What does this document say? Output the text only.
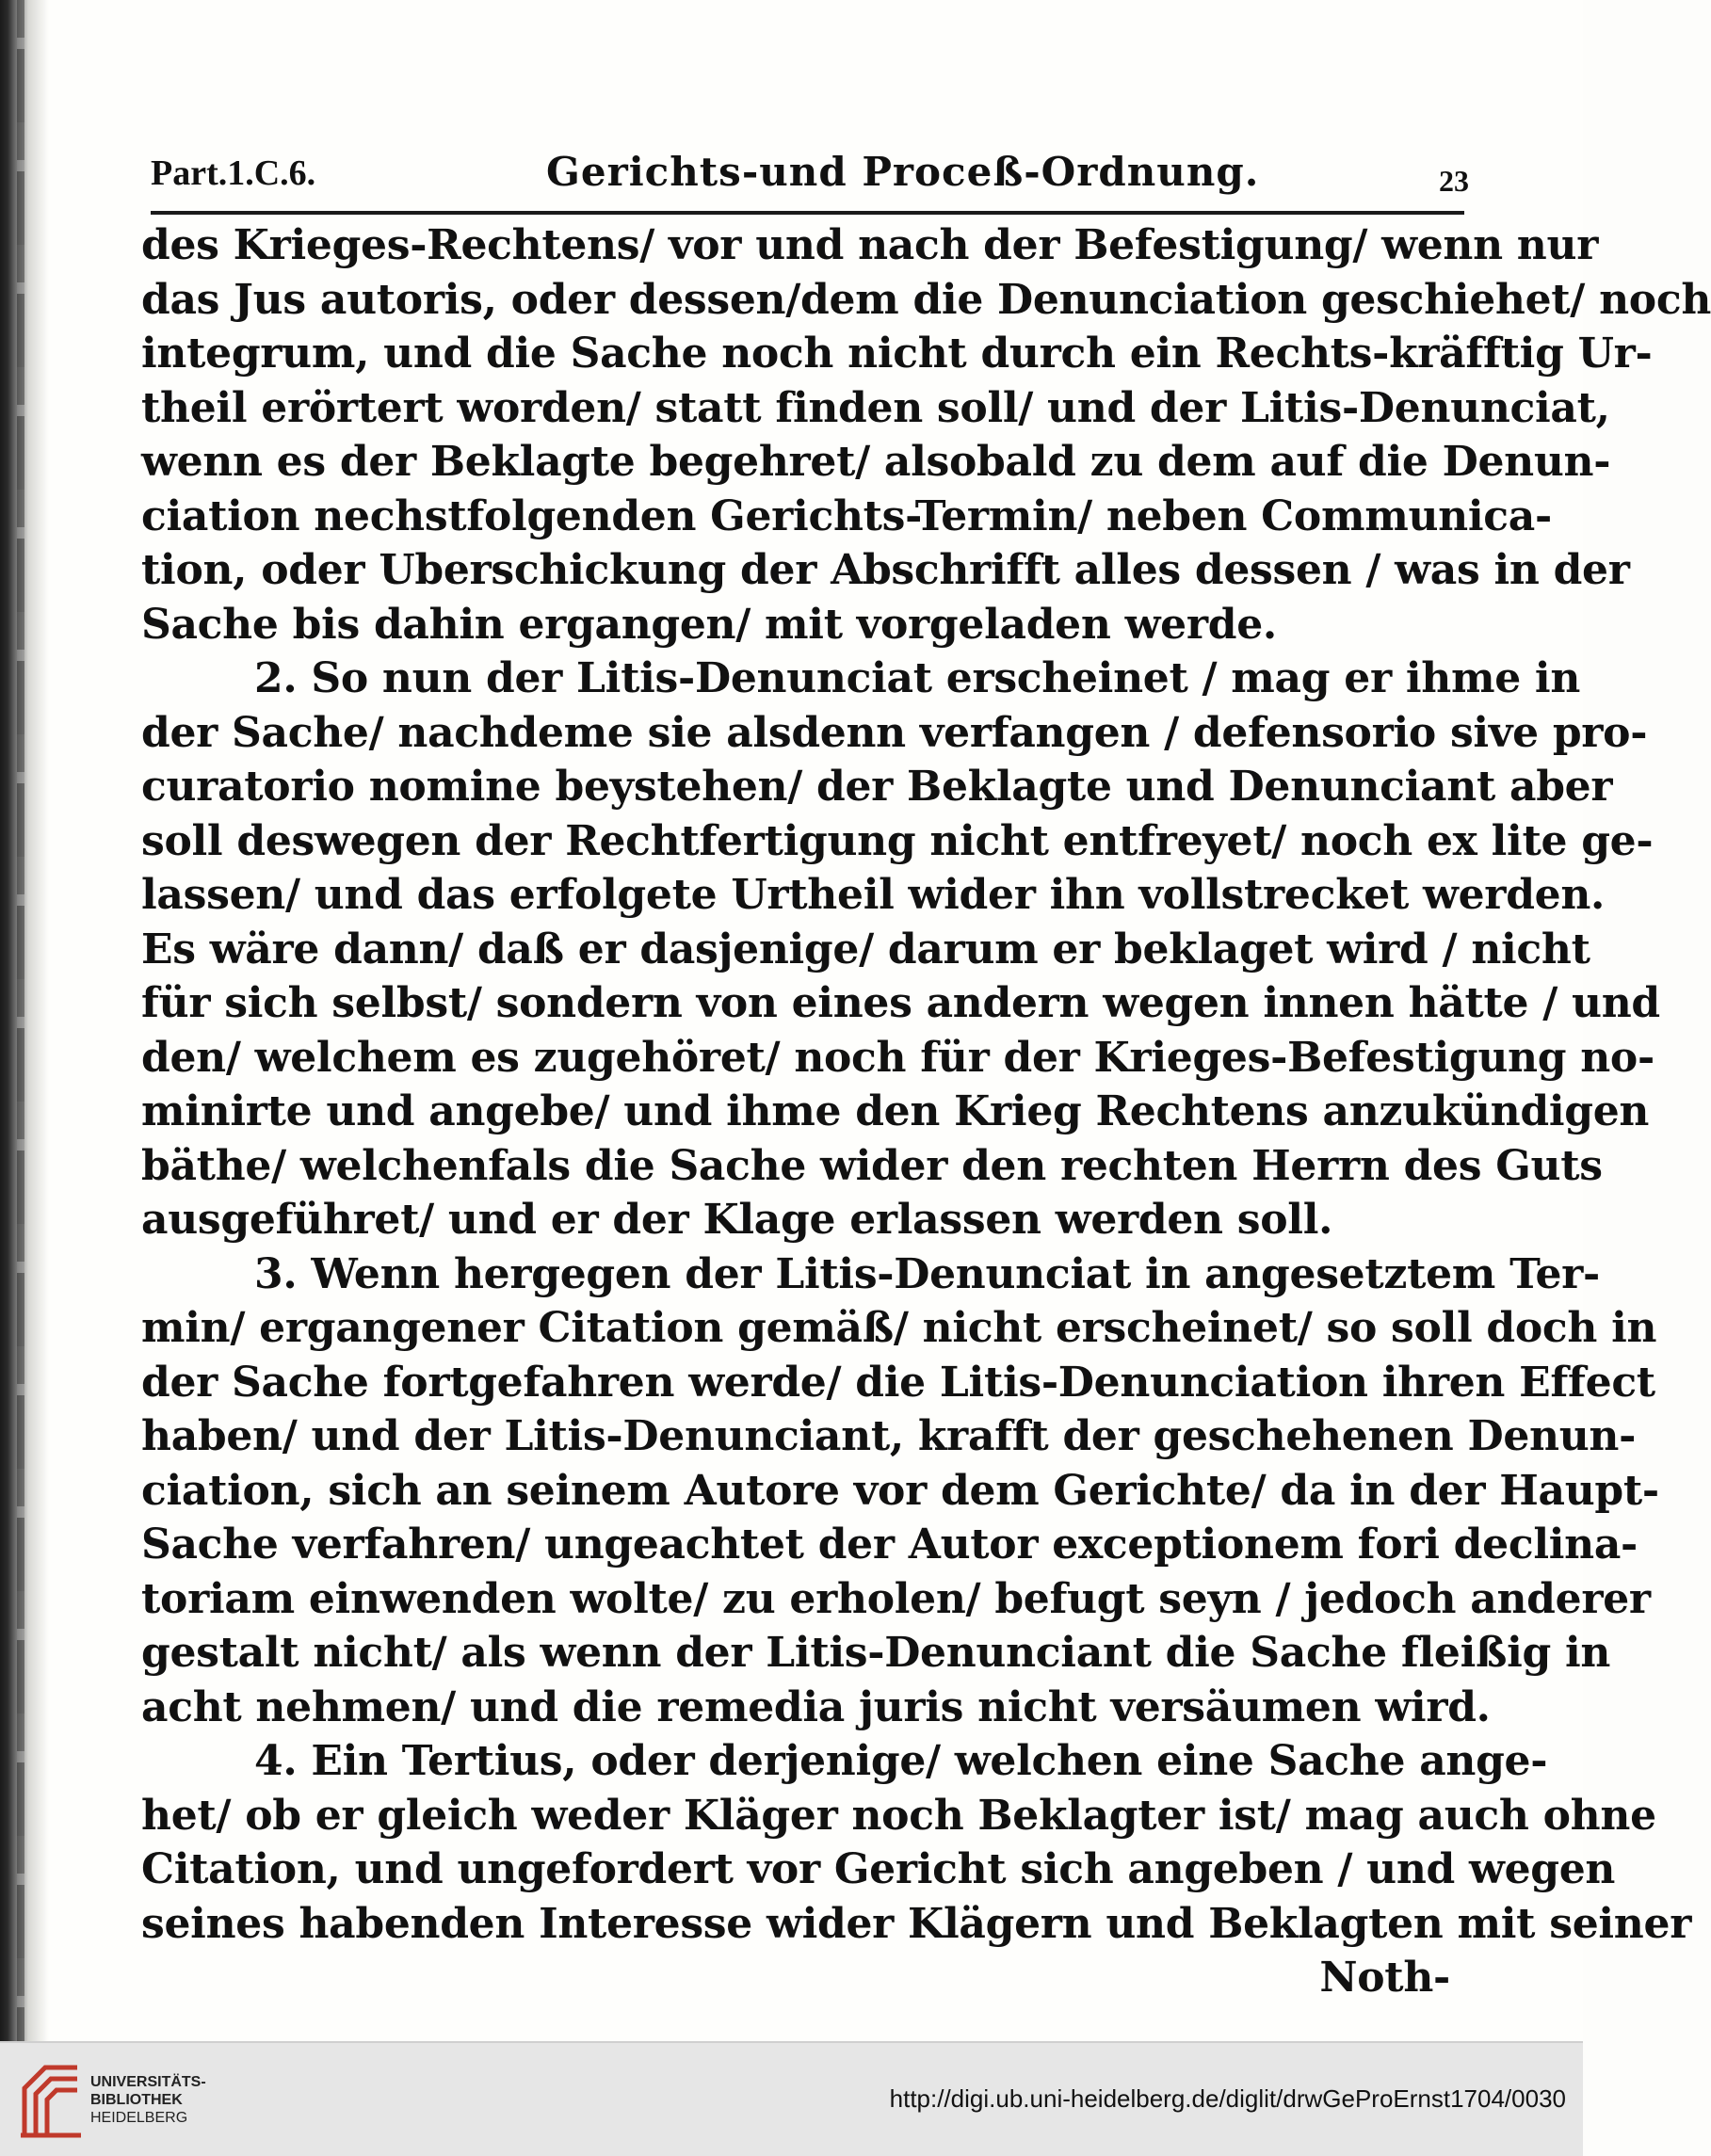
Part.1.C.6.	Gerichts-und Proceß-Ordnung.	23
des Krieges-Rechtens/ vor und nach der Befestigung/ wenn nur
das Jus autoris, oder dessen/dem die Denunciation geschiehet/ noch
integrum, und die Sache noch nicht durch ein Rechts-kräfftig Ur-
theil erörtert worden/ statt finden soll/ und der Litis-Denunciat,
wenn es der Beklagte begehret/ alsobald zu dem auf die Denun-
ciation nechstfolgenden Gerichts-Termin/ neben Communica-
tion, oder Uberschickung der Abschrifft alles dessen / was in der
Sache bis dahin ergangen/ mit vorgeladen werde.
2. So nun der Litis-Denunciat erscheinet / mag er ihme in
der Sache/ nachdeme sie alsdenn verfangen / defensorio sive pro-
curatorio nomine beystehen/ der Beklagte und Denunciant aber
soll deswegen der Rechtfertigung nicht entfreyet/ noch ex lite ge-
lassen/ und das erfolgete Urtheil wider ihn vollstrecket werden.
Es wäre dann/ daß er dasjenige/ darum er beklaget wird / nicht
für sich selbst/ sondern von eines andern wegen innen hätte / und
den/ welchem es zugehöret/ noch für der Krieges-Befestigung no-
minirte und angebe/ und ihme den Krieg Rechtens anzukündigen
bäthe/ welchenfals die Sache wider den rechten Herrn des Guts
ausgeführet/ und er der Klage erlassen werden soll.
3. Wenn hergegen der Litis-Denunciat in angesetztem Ter-
min/ ergangener Citation gemäß/ nicht erscheinet/ so soll doch in
der Sache fortgefahren werde/ die Litis-Denunciation ihren Effect
haben/ und der Litis-Denunciant, krafft der geschehenen Denun-
ciation, sich an seinem Autore vor dem Gerichte/ da in der Haupt-
Sache verfahren/ ungeachtet der Autor exceptionem fori declina-
toriam einwenden wolte/ zu erholen/ befugt seyn / jedoch anderer
gestalt nicht/ als wenn der Litis-Denunciant die Sache fleißig in
acht nehmen/ und die remedia juris nicht versäumen wird.
4. Ein Tertius, oder derjenige/ welchen eine Sache ange-
het/ ob er gleich weder Kläger noch Beklagter ist/ mag auch ohne
Citation, und ungefordert vor Gericht sich angeben / und wegen
seines habenden Interesse wider Klägern und Beklagten mit seiner
Noth-
UNIVERSITÄTS-
BIBLIOTHEK
HEIDELBERG
http://digi.ub.uni-heidelberg.de/diglit/drwGeProErnst1704/0030
